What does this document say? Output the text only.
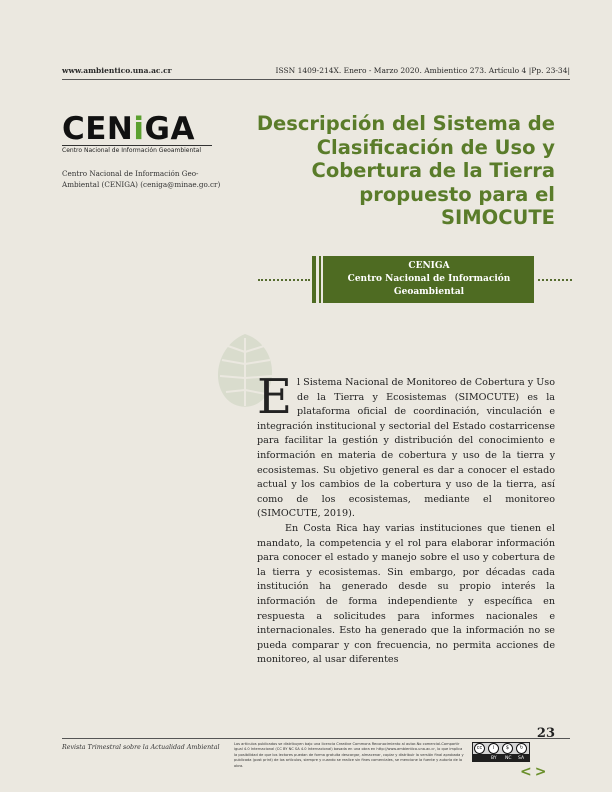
www.ambientico.una.ac.cr	ISSN 1409-214X. Enero - Marzo 2020. Ambientico 273. Artículo 4 |Pp. 23-34|
CENiGA
Centro Nacional de Información Geoambiental
Centro Nacional de Información Geo-Ambiental (CENIGA) (ceniga@minae.go.cr)
Descripción del Sistema de Clasificación de Uso y Cobertura de la Tierra propuesto para el SIMOCUTE
CENIGA
Centro Nacional de Información Geoambiental

El Sistema Nacional de Monitoreo de Cobertura y Uso de la Tierra y Ecosistemas (SIMOCUTE) es la plataforma oficial de coordinación, vinculación e integración institucional y sectorial del Estado costarricense para facilitar la gestión y distribución del conocimiento e información en materia de cobertura y uso de la tierra y ecosistemas. Su objetivo general es dar a conocer el estado actual y los cambios de la cobertura y uso de la tierra, así como de los ecosistemas, mediante el monitoreo (SIMOCUTE, 2019).

En Costa Rica hay varias instituciones que tienen el mandato, la competencia y el rol para elaborar información para conocer el estado y manejo sobre el uso y cobertura de la tierra y ecosistemas. Sin embargo, por décadas cada institución ha generado desde su propio interés la información de forma independiente y específica en respuesta a solicitudes para informes nacionales e internacionales. Esto ha generado que la información no se pueda comparar y con frecuencia, no permita acciones de monitoreo, al usar diferentes

Revista Trimestral sobre la Actualidad Ambiental	Los artículos publicados se distribuyen bajo una licencia Creative Commons Reconocimiento al autor-No comercial-Compartir igual 4.0 Internacional (CC BY NC SA 4.0 Internacional) basada en una obra en http://www.ambientico.una.ac.cr, lo que implica la posibilidad de que los lectores puedan de forma gratuita descargar, almacenar, copiar y distribuir la versión final aprobada y publicada (post print) de los artículos, siempre y cuando se realice sin fines comerciales, se mencione la fuente y autoría de la obra.
cc	i	$	↻
BY NC SA
23
<>
